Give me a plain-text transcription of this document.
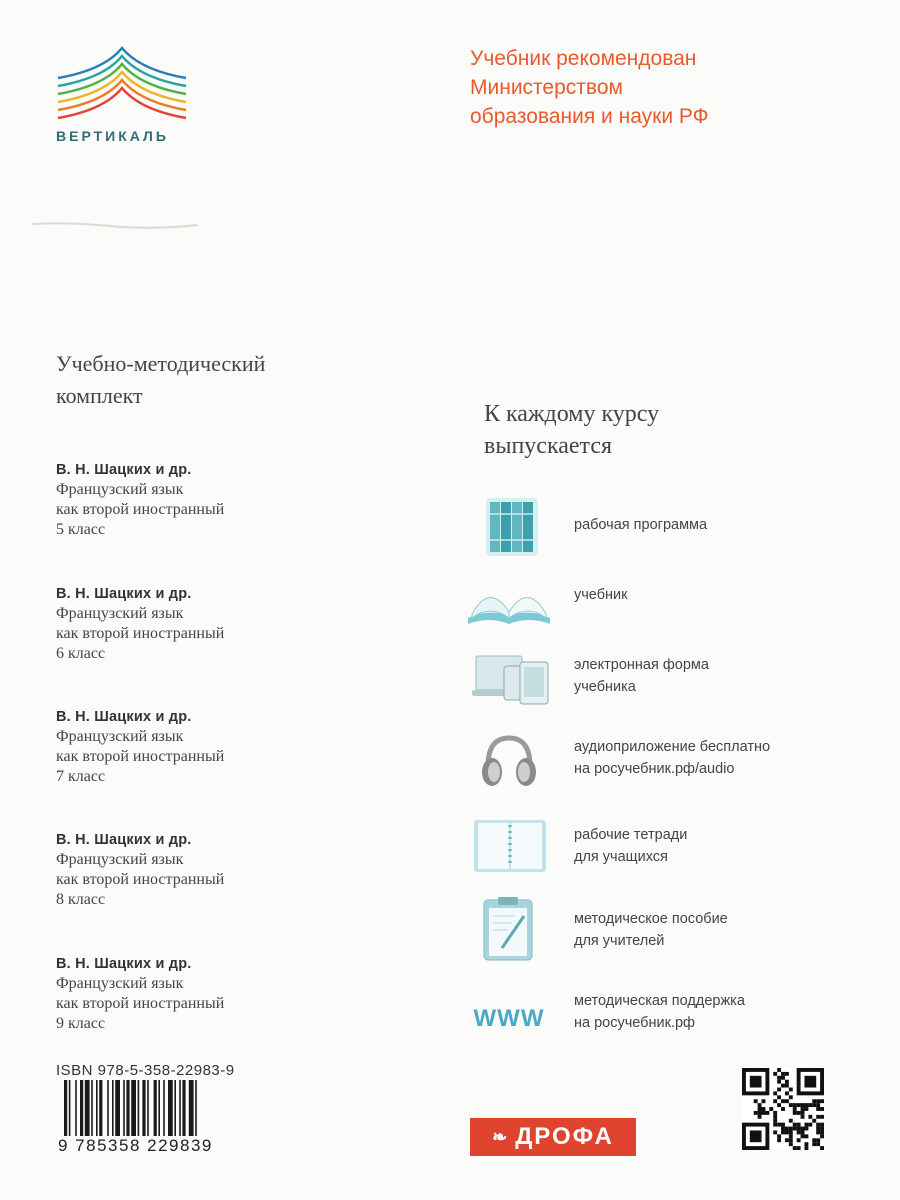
ВЕРТИКАЛЬ
Учебник рекомендован
Министерством
образования и науки РФ
Учебно-методический
комплект
В. Н. Шацких и др.
Французский язык
как второй иностранный
5 класс
В. Н. Шацких и др.
Французский язык
как второй иностранный
6 класс
В. Н. Шацких и др.
Французский язык
как второй иностранный
7 класс
В. Н. Шацких и др.
Французский язык
как второй иностранный
8 класс
В. Н. Шацких и др.
Французский язык
как второй иностранный
9 класс
К каждому курсу
выпускается
рабочая программа
учебник
электронная форма
учебника
аудиоприложение бесплатно
на росучебник.рф/audio
рабочие тетради
для учащихся
методическое пособие
для учителей
WWW
методическая поддержка
на росучебник.рф
ISBN 978-5-358-22983-9
9 785358 229839	❧ ДРОФА
